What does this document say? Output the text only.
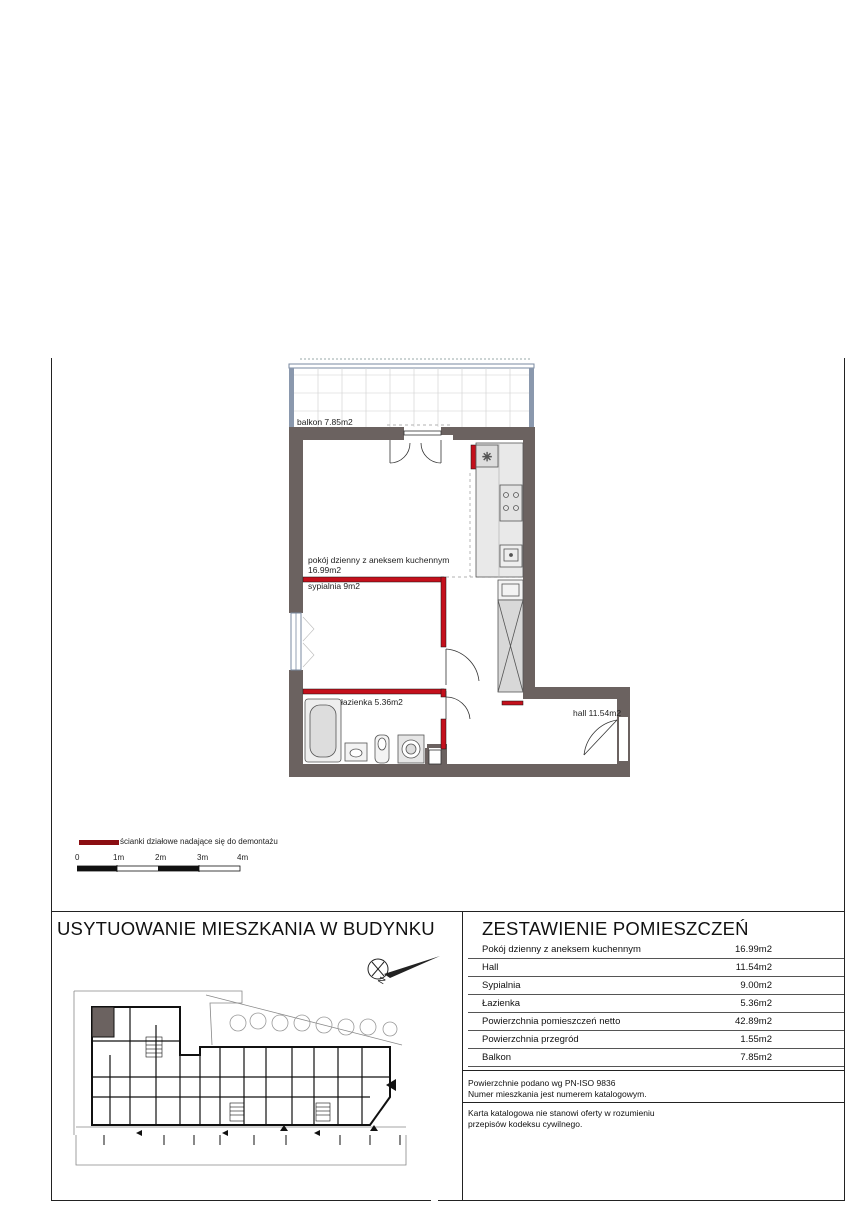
✳
balkon 7.85m2
pokój dzienny z aneksem kuchennym
16.99m2
sypialnia 9m2
łazienka 5.36m2
hall 11.54m2
ścianki działowe nadające się do demontażu
0	1m	2m	3m	4m
USYTUOWANIE MIESZKANIA W BUDYNKU
N
ZESTAWIENIE POMIESZCZEŃ
Pokój dzienny z aneksem kuchennym	16.99m2
Hall	11.54m2
Sypialnia	9.00m2
Łazienka	5.36m2
Powierzchnia pomieszczeń netto	42.89m2
Powierzchnia przegród	1.55m2
Balkon	7.85m2
Powierzchnie podano wg PN-ISO 9836
Numer mieszkania jest numerem katalogowym.
Karta katalogowa nie stanowi oferty w rozumieniu
przepisów kodeksu cywilnego.
